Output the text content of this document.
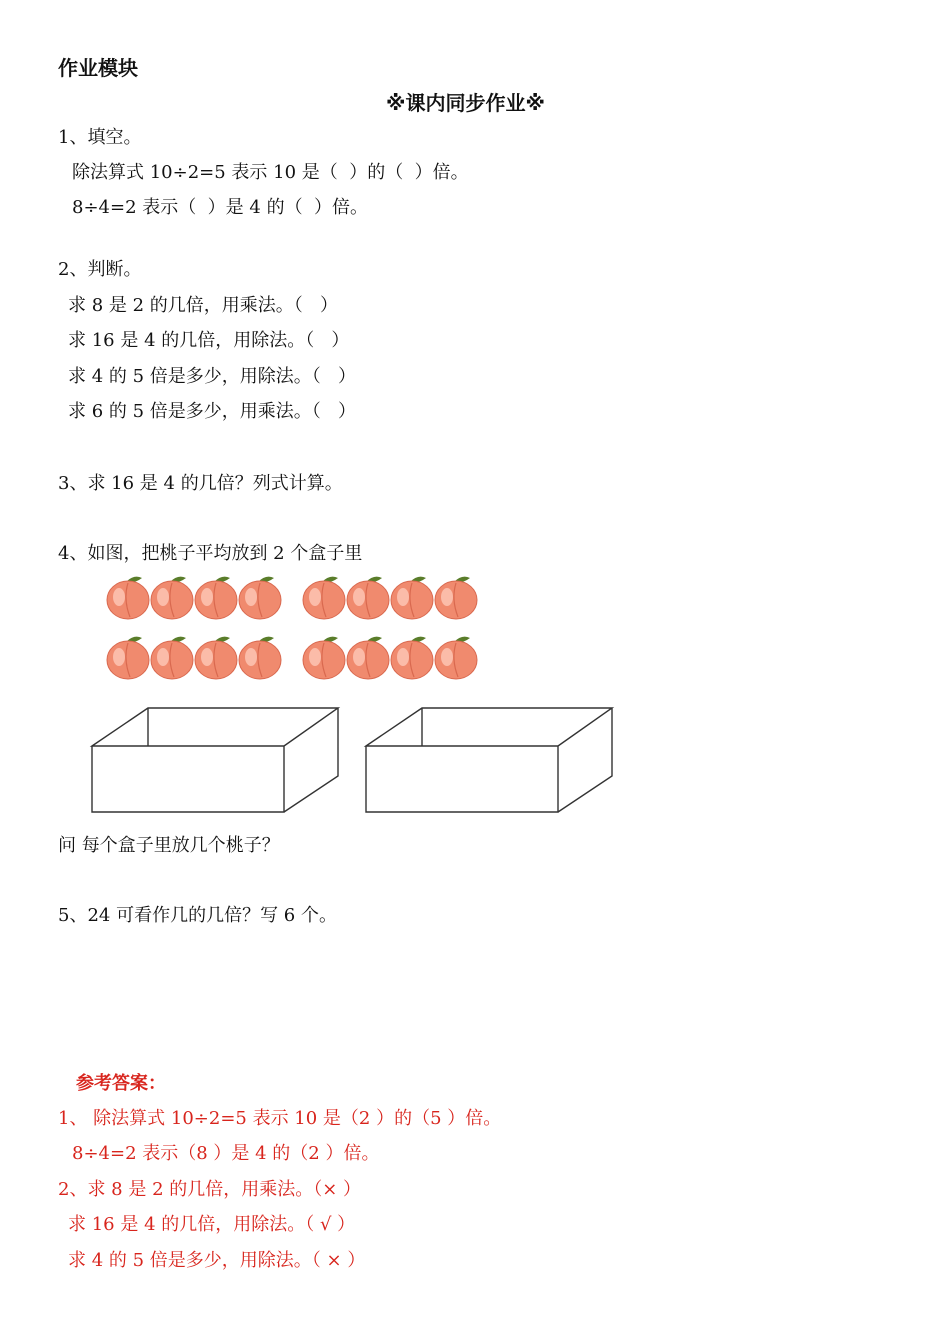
作业模块
※课内同步作业※
1、填空。
除法算式 10÷2=5 表示 10 是（  ）的（  ）倍。
8÷4=2 表示（  ）是 4 的（  ）倍。
2、判断。
求 8 是 2 的几倍，用乘法。（   ）
求 16 是 4 的几倍，用除法。（   ）
求 4 的 5 倍是多少，用除法。（   ）
求 6 的 5 倍是多少，用乘法。（   ）
3、求 16 是 4 的几倍？列式计算。
4、如图，把桃子平均放到 2 个盒子里
问 每个盒子里放几个桃子？
5、24 可看作几的几倍？写 6 个。
参考答案：
1、 除法算式 10÷2=5 表示 10 是（2 ）的（5 ）倍。
8÷4=2 表示（8 ）是 4 的（2 ）倍。
2、求 8 是 2 的几倍，用乘法。（× ）
求 16 是 4 的几倍，用除法。（ √ ）
求 4 的 5 倍是多少，用除法。（ × ）
